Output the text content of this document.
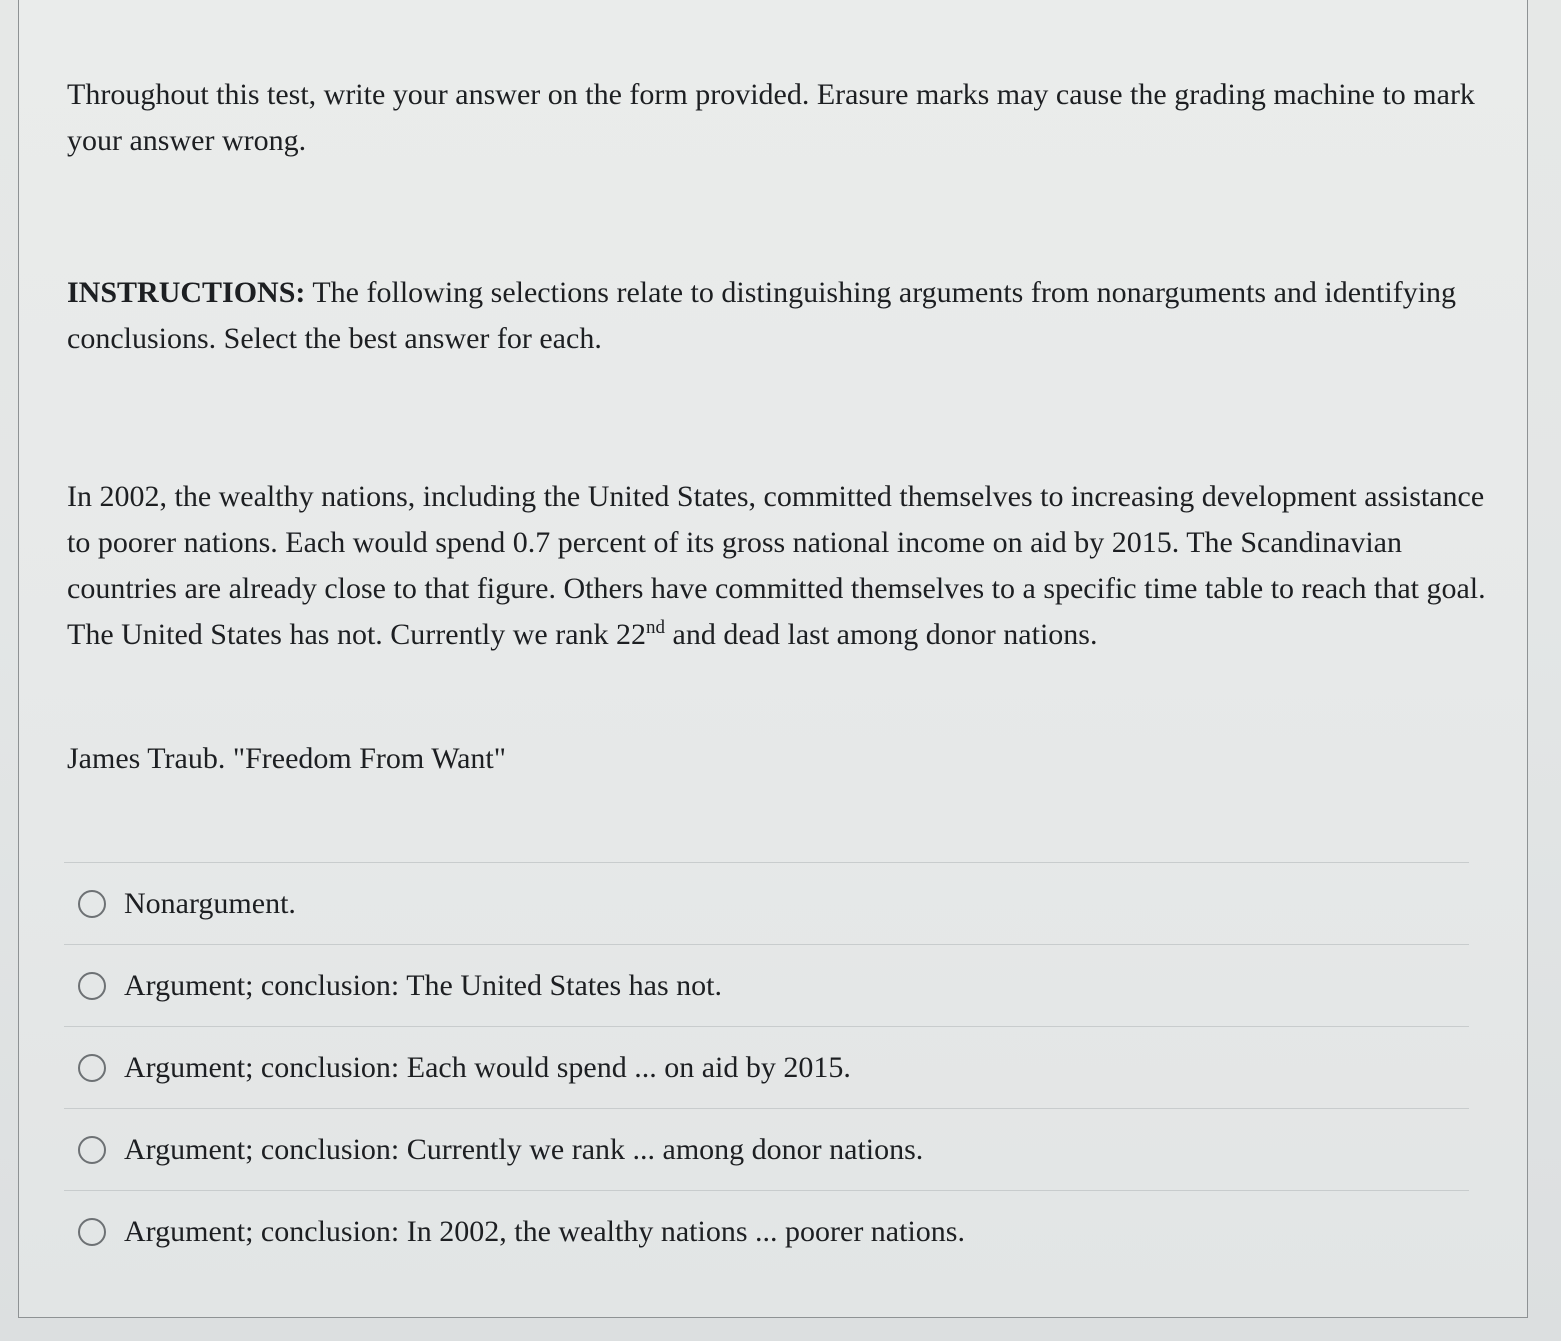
Throughout this test, write your answer on the form provided. Erasure marks may cause the grading machine to mark your answer wrong.

INSTRUCTIONS: The following selections relate to distinguishing arguments from nonarguments and identifying conclusions. Select the best answer for each.

In 2002, the wealthy nations, including the United States, committed themselves to increasing development assistance to poorer nations. Each would spend 0.7 percent of its gross national income on aid by 2015. The Scandinavian countries are already close to that figure. Others have committed themselves to a specific time table to reach that goal. The United States has not. Currently we rank 22nd and dead last among donor nations.

James Traub. "Freedom From Want"

Nonargument.
Argument; conclusion: The United States has not.
Argument; conclusion: Each would spend ... on aid by 2015.
Argument; conclusion: Currently we rank ... among donor nations.
Argument; conclusion: In 2002, the wealthy nations ... poorer nations.
